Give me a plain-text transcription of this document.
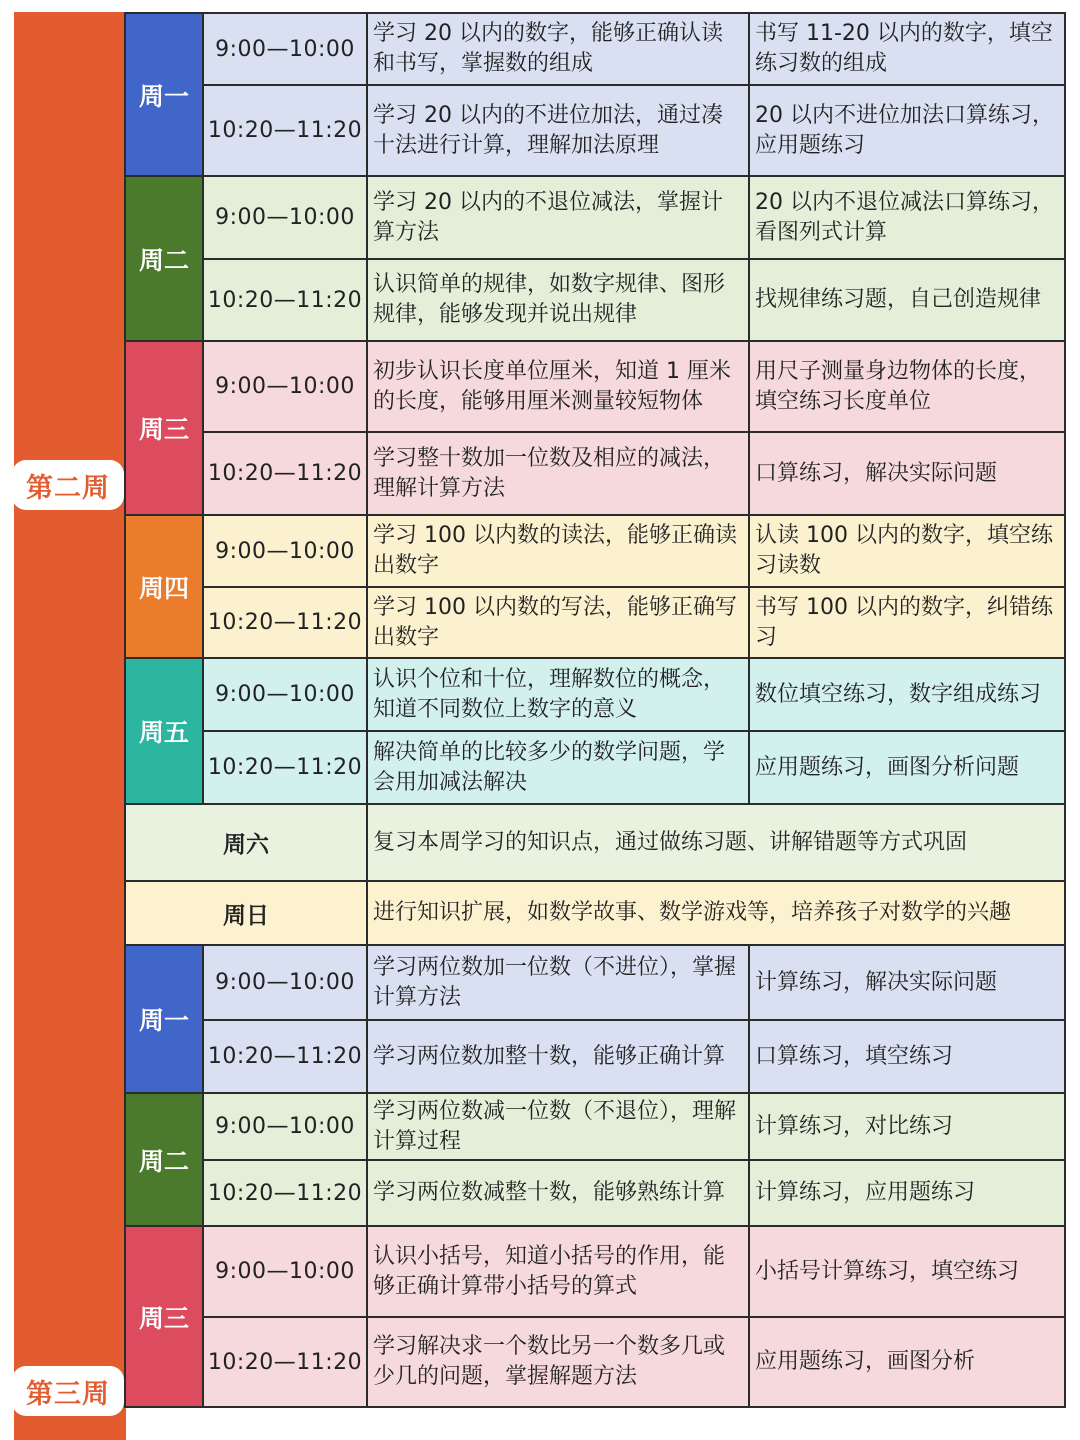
第二周
周一
9:00—10:00
学习 20 以内的数字，能够正确认读和书写，掌握数的组成
书写 11-20 以内的数字，填空练习数的组成
10:20—11:20
学习 20 以内的不进位加法，通过凑十法进行计算，理解加法原理
20 以内不进位加法口算练习，应用题练习
周二
9:00—10:00
学习 20 以内的不退位减法，掌握计算方法
20 以内不退位减法口算练习，看图列式计算
10:20—11:20
认识简单的规律，如数字规律、图形规律，能够发现并说出规律
找规律练习题，自己创造规律
周三
9:00—10:00
初步认识长度单位厘米，知道 1 厘米的长度，能够用厘米测量较短物体
用尺子测量身边物体的长度，填空练习长度单位
10:20—11:20
学习整十数加一位数及相应的减法，理解计算方法
口算练习，解决实际问题
周四
9:00—10:00
学习 100 以内数的读法，能够正确读出数字
认读 100 以内的数字，填空练习读数
10:20—11:20
学习 100 以内数的写法，能够正确写出数字
书写 100 以内的数字，纠错练习
周五
9:00—10:00
认识个位和十位，理解数位的概念，知道不同数位上数字的意义
数位填空练习，数字组成练习
10:20—11:20
解决简单的比较多少的数学问题，学会用加减法解决
应用题练习，画图分析问题
周六	复习本周学习的知识点，通过做练习题、讲解错题等方式巩固
周日	进行知识扩展，如数学故事、数学游戏等，培养孩子对数学的兴趣
第三周
周一
9:00—10:00
学习两位数加一位数（不进位），掌握计算方法
计算练习，解决实际问题
10:20—11:20 学习两位数加整十数，能够正确计算 口算练习，填空练习
周二
9:00—10:00
学习两位数减一位数（不退位），理解计算过程
计算练习，对比练习
10:20—11:20 学习两位数减整十数，能够熟练计算 计算练习，应用题练习
周三
9:00—10:00
认识小括号，知道小括号的作用，能够正确计算带小括号的算式
小括号计算练习，填空练习
10:20—11:20
学习解决求一个数比另一个数多几或少几的问题，掌握解题方法
应用题练习，画图分析
